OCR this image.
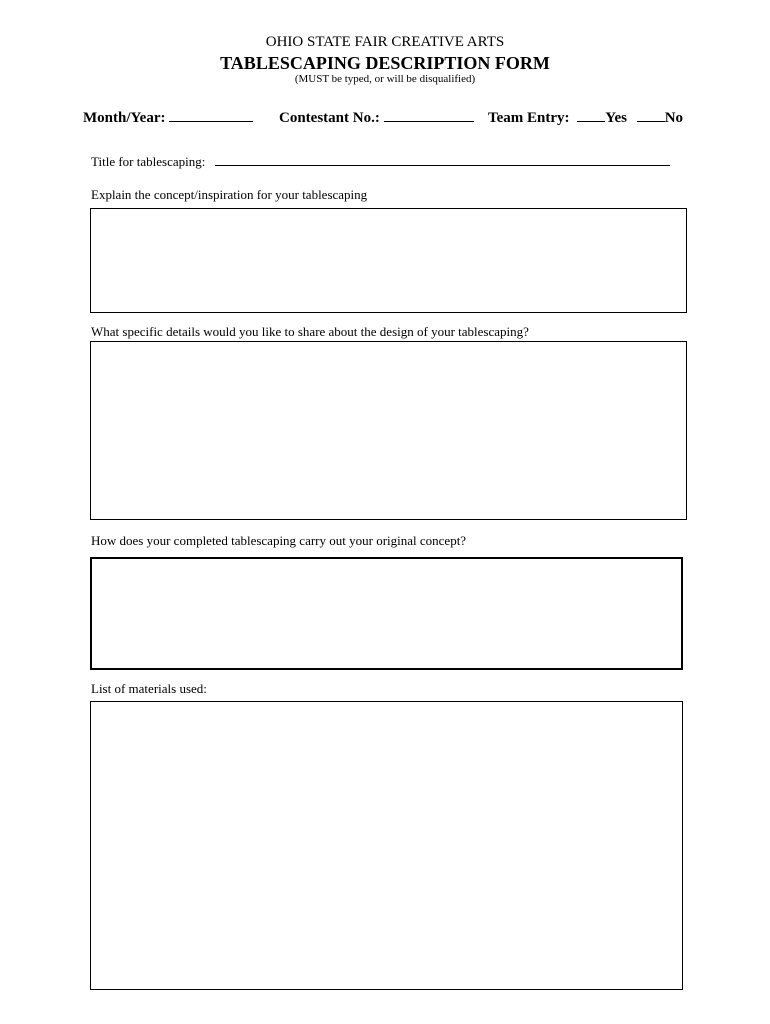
OHIO STATE FAIR CREATIVE ARTS
TABLESCAPING DESCRIPTION FORM
(MUST be typed, or will be disqualified)
Month/Year:	Contestant No.:	Team Entry: Yes	No
Title for tablescaping:
Explain the concept/inspiration for your tablescaping
What specific details would you like to share about the design of your tablescaping?
How does your completed tablescaping carry out your original concept?
List of materials used:
